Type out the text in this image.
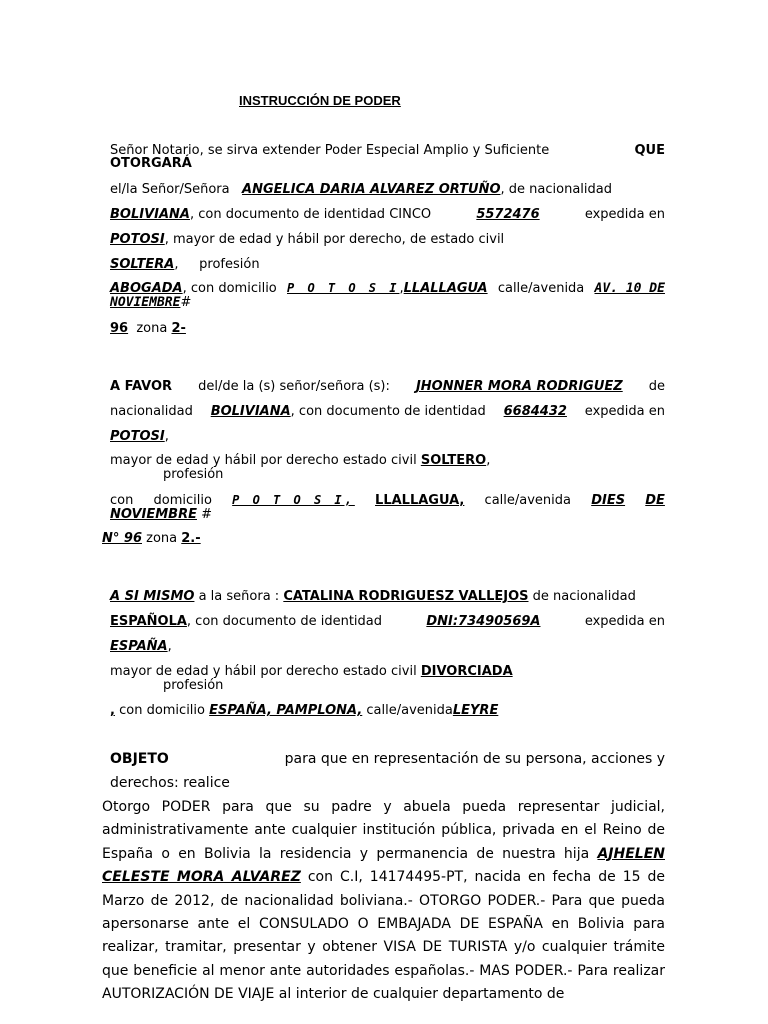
INSTRUCCIÓN DE PODER
Señor Notario, se sirva extender Poder Especial Amplio y Suficiente	QUE
OTORGARÁ
el/la Señor/Señora ANGELICA DARIA ALVAREZ ORTUÑO, de nacionalidad
BOLIVIANA, con documento de identidad CINCO	5572476	expedida en
POTOSI, mayor de edad y hábil por derecho, de estado civil
SOLTERA,     profesión
ABOGADA, con domicilio P O T O S I,LLALLAGUA calle/avenida AV. 10 DE
NOVIEMBRE#
96 zona 2-
A FAVOR del/de la (s) señor/señora (s): JHONNER MORA RODRIGUEZ de
nacionalidad BOLIVIANA, con documento de identidad 6684432 expedida en
POTOSI,
mayor de edad y hábil por derecho estado civil SOLTERO,
profesión
con domicilio P O T O S I, LLALLAGUA, calle/avenida DIES DE
NOVIEMBRE #
N° 96 zona 2.-
A SI MISMO a la señora : CATALINA RODRIGUESZ VALLEJOS de nacionalidad
ESPAÑOLA, con documento de identidad	DNI:73490569A	expedida en
ESPAÑA,
mayor de edad y hábil por derecho estado civil DIVORCIADA
profesión
, con domicilio ESPAÑA, PAMPLONA, calle/avenidaLEYRE
OBJETO	para que en representación de su persona, acciones y
derechos: realice
Otorgo PODER para que su padre y abuela pueda representar judicial, administrativamente ante cualquier institución pública, privada en el Reino de España o en Bolivia la residencia y permanencia de nuestra hija AJHELEN CELESTE MORA ALVAREZ con C.I, 14174495-PT, nacida en fecha de 15 de Marzo de 2012, de nacionalidad boliviana.- OTORGO PODER.- Para que pueda apersonarse ante el CONSULADO O EMBAJADA DE ESPAÑA en Bolivia para realizar, tramitar, presentar y obtener VISA DE TURISTA y/o cualquier trámite que beneficie al menor ante autoridades españolas.- MAS PODER.- Para realizar AUTORIZACIÓN DE VIAJE al interior de cualquier departamento de
